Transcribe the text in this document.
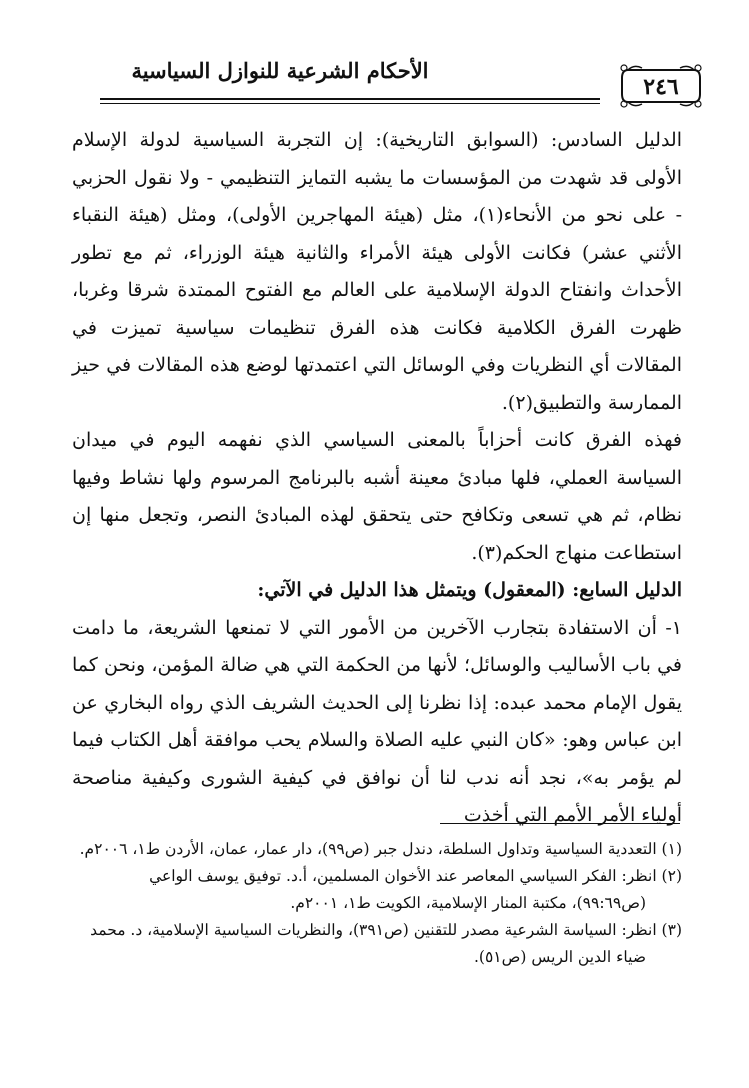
الأحكام الشرعية للنوازل السياسية
٢٤٦

الدليل السادس: (السوابق التاريخية): إن التجربة السياسية لدولة الإسلام الأولى قد شهدت من المؤسسات ما يشبه التمايز التنظيمي - ولا نقول الحزبي - على نحو من الأنحاء(١)، مثل (هيئة المهاجرين الأولى)، ومثل (هيئة النقباء الأثني عشر) فكانت الأولى هيئة الأمراء والثانية هيئة الوزراء، ثم مع تطور الأحداث وانفتاح الدولة الإسلامية على العالم مع الفتوح الممتدة شرقا وغربا، ظهرت الفرق الكلامية فكانت هذه الفرق تنظيمات سياسية تميزت في المقالات أي النظريات وفي الوسائل التي اعتمدتها لوضع هذه المقالات في حيز الممارسة والتطبيق(٢).

فهذه الفرق كانت أحزاباً بالمعنى السياسي الذي نفهمه اليوم في ميدان السياسة العملي، فلها مبادئ معينة أشبه بالبرنامج المرسوم ولها نشاط وفيها نظام، ثم هي تسعى وتكافح حتى يتحقق لهذه المبادئ النصر، وتجعل منها إن استطاعت منهاج الحكم(٣).

الدليل السابع: (المعقول) ويتمثل هذا الدليل في الآتي:

١- أن الاستفادة بتجارب الآخرين من الأمور التي لا تمنعها الشريعة، ما دامت في باب الأساليب والوسائل؛ لأنها من الحكمة التي هي ضالة المؤمن، ونحن كما يقول الإمام محمد عبده: إذا نظرنا إلى الحديث الشريف الذي رواه البخاري عن ابن عباس وهو: «كان النبي عليه الصلاة والسلام يحب موافقة أهل الكتاب فيما لم يؤمر به»، نجد أنه ندب لنا أن نوافق في كيفية الشورى وكيفية مناصحة أولياء الأمر الأمم التي أخذت

(١) التعددية السياسية وتداول السلطة، دندل جبر (ص٩٩)، دار عمار، عمان، الأردن ط١، ٢٠٠٦م.

(٢) انظر: الفكر السياسي المعاصر عند الأخوان المسلمين، أ.د. توفيق يوسف الواعي
(ص٩٩:٦٩)، مكتبة المنار الإسلامية، الكويت ط١، ٢٠٠١م.

(٣) انظر: السياسة الشرعية مصدر للتقنين (ص٣٩١)، والنظريات السياسية الإسلامية، د. محمد
ضياء الدين الريس (ص٥١).
